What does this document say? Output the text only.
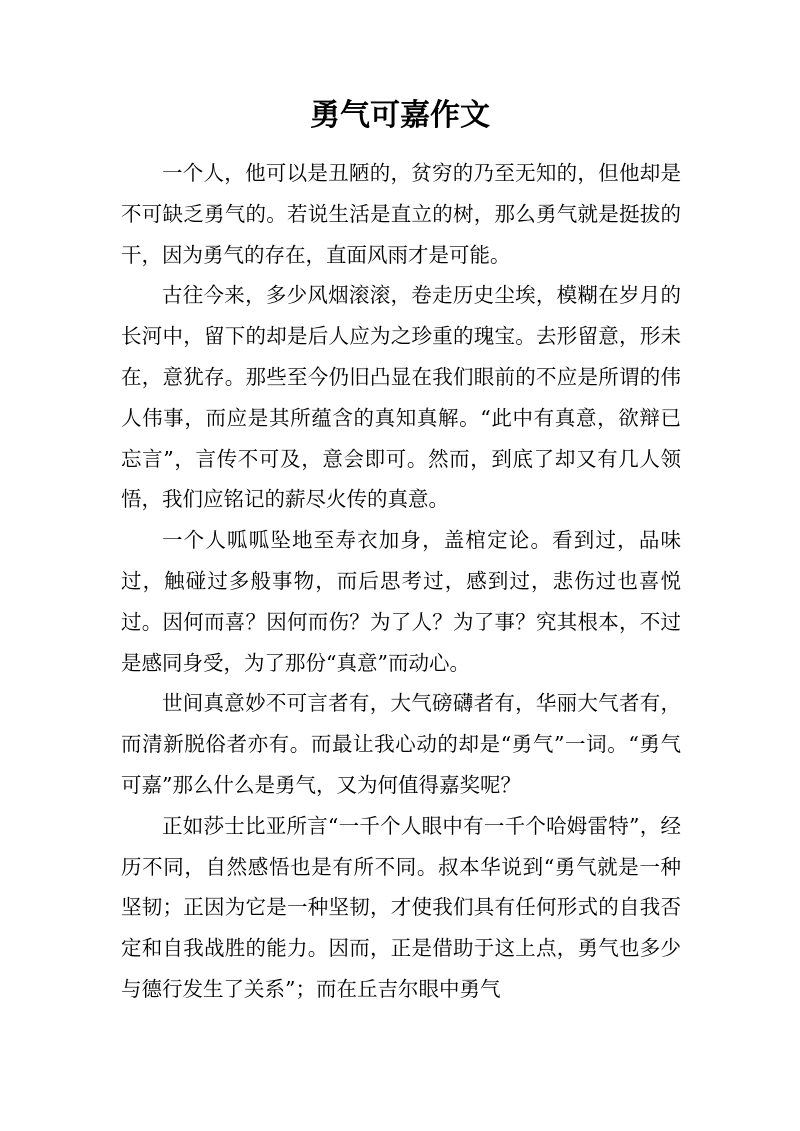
勇气可嘉作文

一个人，他可以是丑陋的，贫穷的乃至无知的，但他却是不可缺乏勇气的。若说生活是直立的树，那么勇气就是挺拔的干，因为勇气的存在，直面风雨才是可能。

古往今来，多少风烟滚滚，卷走历史尘埃，模糊在岁月的长河中，留下的却是后人应为之珍重的瑰宝。去形留意，形未在，意犹存。那些至今仍旧凸显在我们眼前的不应是所谓的伟人伟事，而应是其所蕴含的真知真解。“此中有真意，欲辩已忘言”，言传不可及，意会即可。然而，到底了却又有几人领悟，我们应铭记的薪尽火传的真意。

一个人呱呱坠地至寿衣加身，盖棺定论。看到过，品味过，触碰过多般事物，而后思考过，感到过，悲伤过也喜悦过。因何而喜？因何而伤？为了人？为了事？究其根本，不过是感同身受，为了那份“真意”而动心。

世间真意妙不可言者有，大气磅礴者有，华丽大气者有，而清新脱俗者亦有。而最让我心动的却是“勇气”一词。“勇气可嘉”那么什么是勇气，又为何值得嘉奖呢？

正如莎士比亚所言“一千个人眼中有一千个哈姆雷特”，经历不同，自然感悟也是有所不同。叔本华说到“勇气就是一种坚韧；正因为它是一种坚韧，才使我们具有任何形式的自我否定和自我战胜的能力。因而，正是借助于这上点，勇气也多少与德行发生了关系”；而在丘吉尔眼中勇气
